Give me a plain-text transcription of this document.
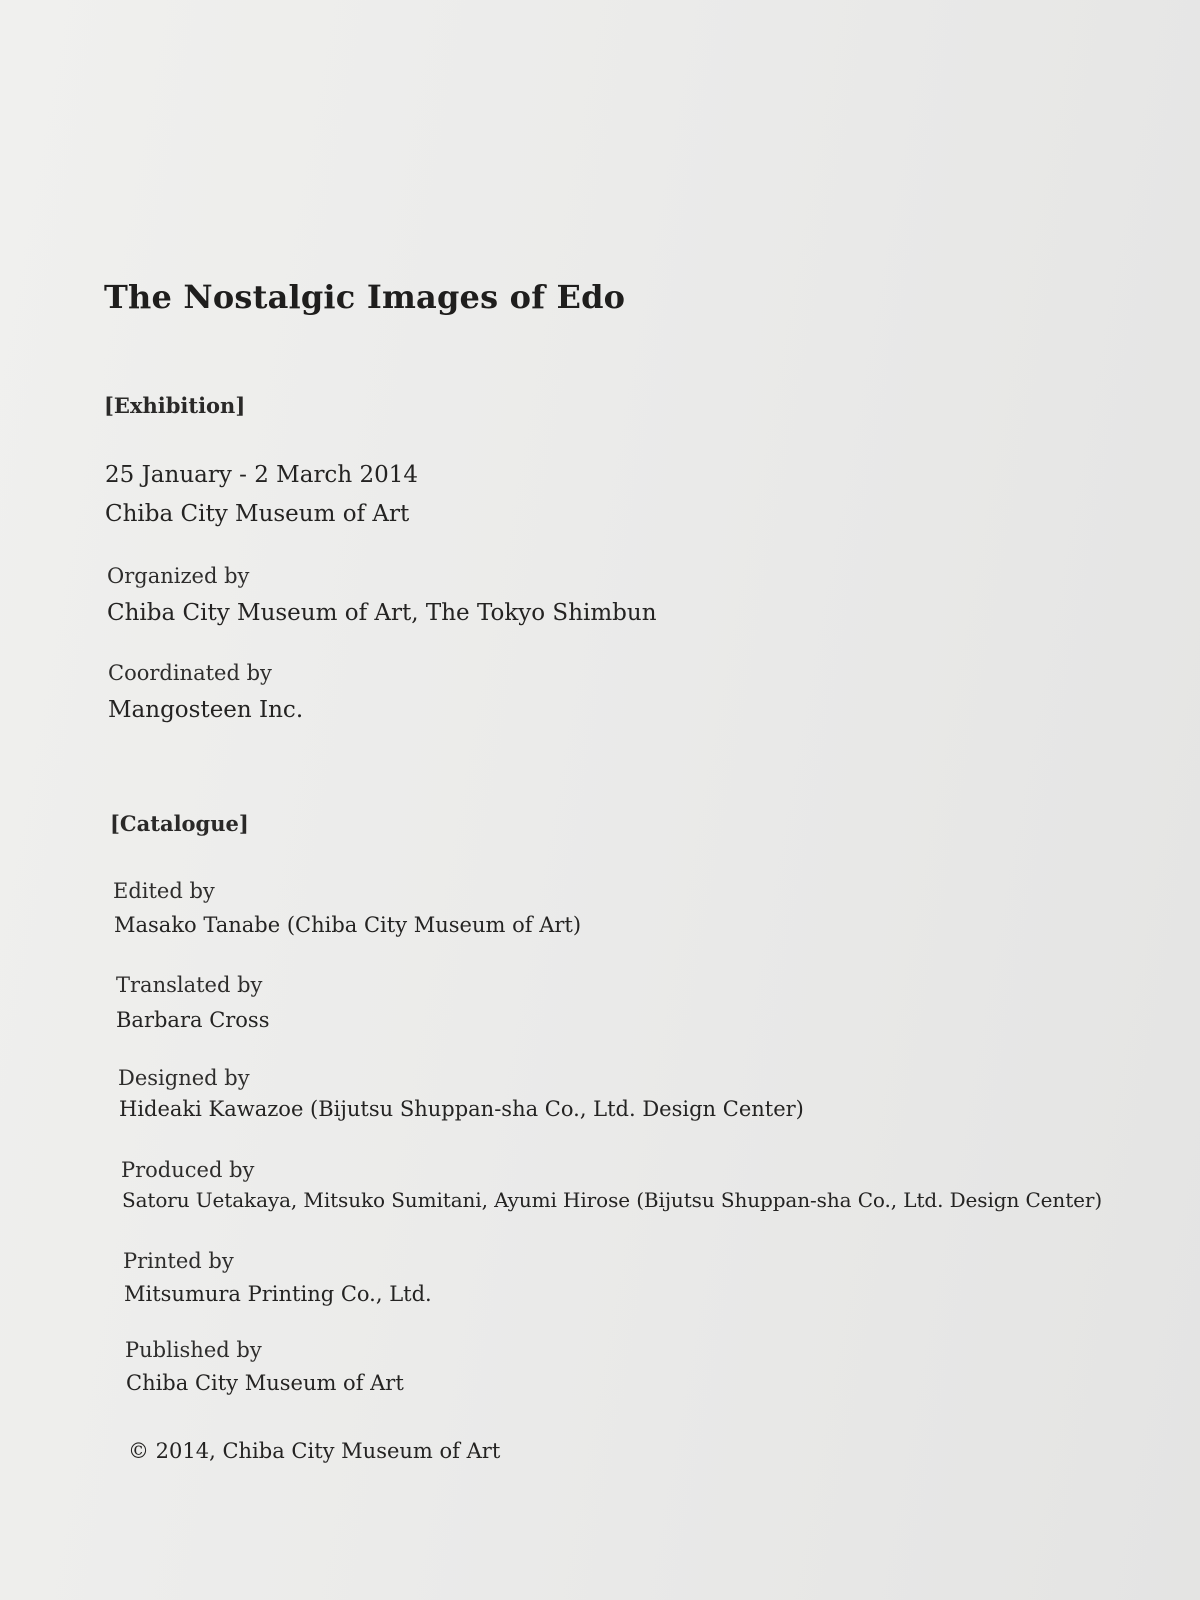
The Nostalgic Images of Edo
[Exhibition]
25 January - 2 March 2014
Chiba City Museum of Art
Organized by
Chiba City Museum of Art, The Tokyo Shimbun
Coordinated by
Mangosteen Inc.
[Catalogue]
Edited by
Masako Tanabe (Chiba City Museum of Art)
Translated by
Barbara Cross
Designed by
Hideaki Kawazoe (Bijutsu Shuppan-sha Co., Ltd. Design Center)
Produced by
Satoru Uetakaya, Mitsuko Sumitani, Ayumi Hirose (Bijutsu Shuppan-sha Co., Ltd. Design Center)
Printed by
Mitsumura Printing Co., Ltd.
Published by
Chiba City Museum of Art
© 2014, Chiba City Museum of Art
